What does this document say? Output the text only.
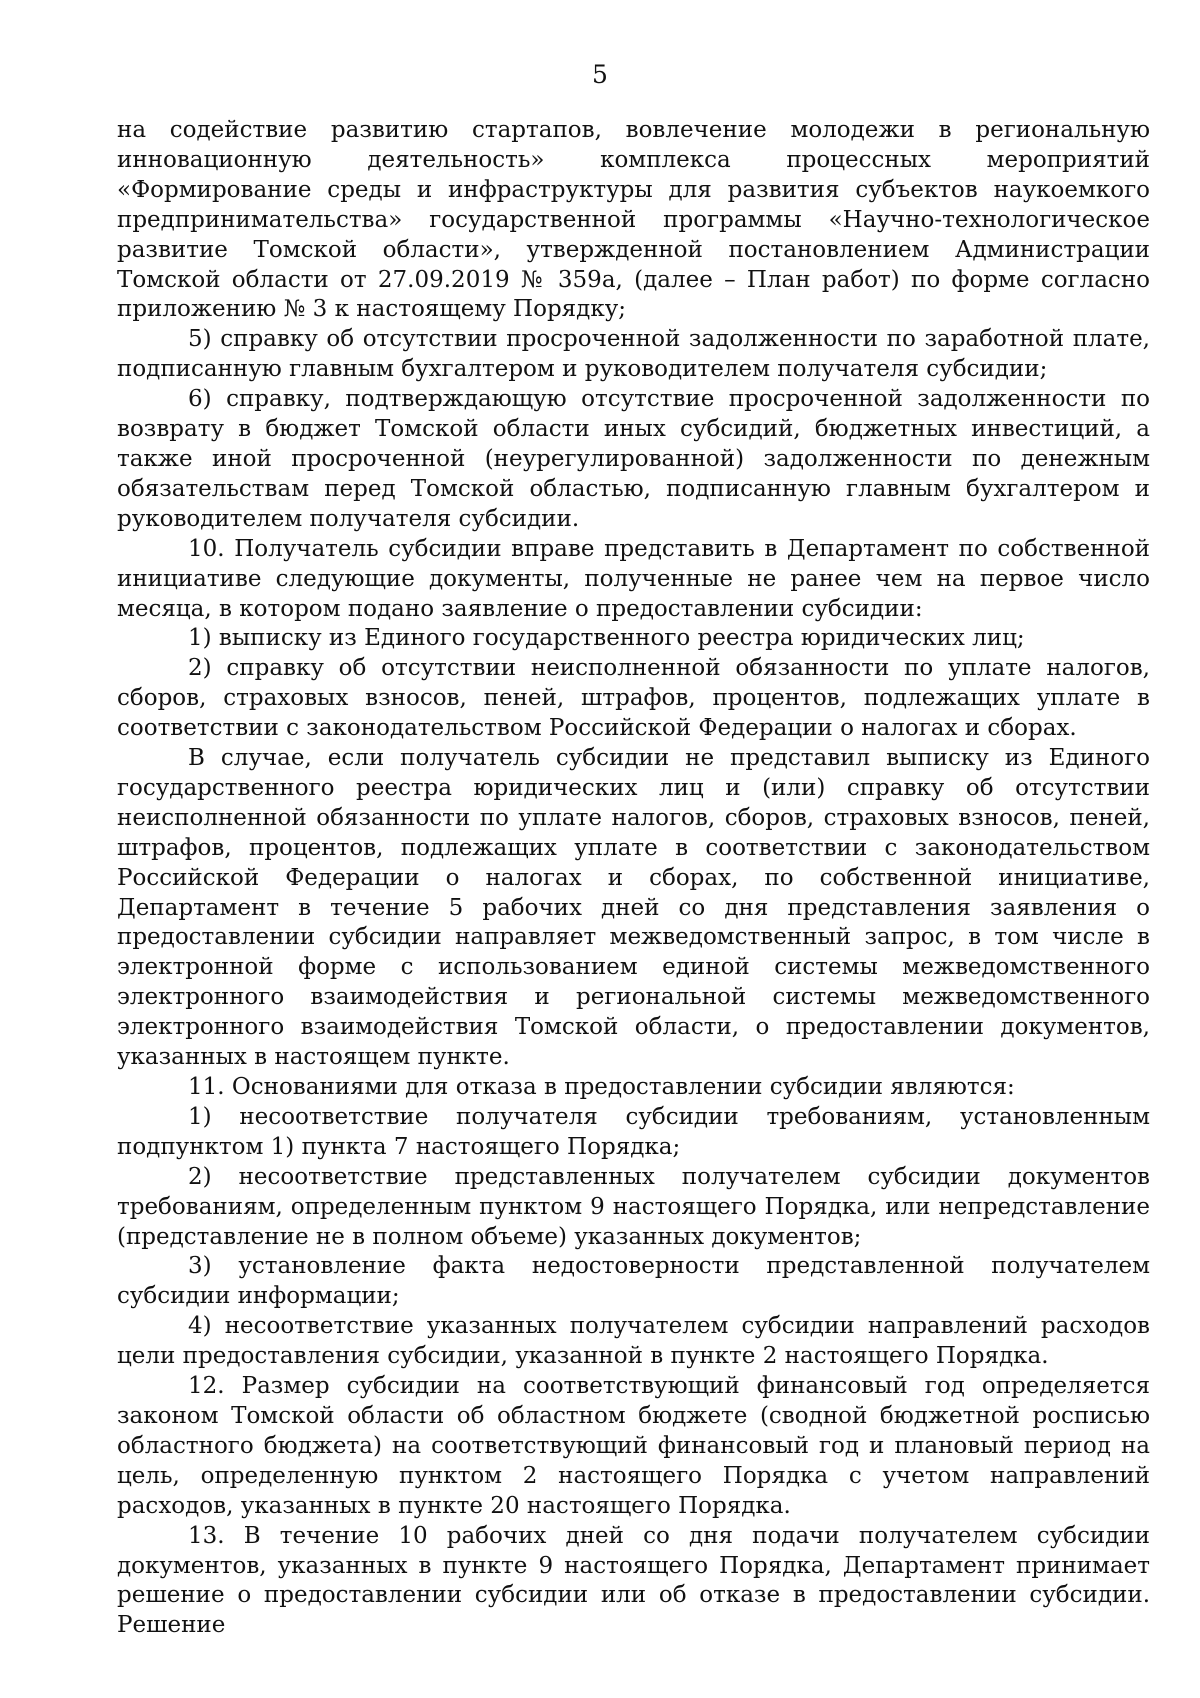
5

на содействие развитию стартапов, вовлечение молодежи в региональную инновационную деятельность» комплекса процессных мероприятий «Формирование среды и инфраструктуры для развития субъектов наукоемкого предпринимательства» государственной программы «Научно-технологическое развитие Томской области», утвержденной постановлением Администрации Томской области от 27.09.2019 № 359а, (далее – План работ) по форме согласно приложению № 3 к настоящему Порядку;

5) справку об отсутствии просроченной задолженности по заработной плате, подписанную главным бухгалтером и руководителем получателя субсидии;

6) справку, подтверждающую отсутствие просроченной задолженности по возврату в бюджет Томской области иных субсидий, бюджетных инвестиций, а также иной просроченной (неурегулированной) задолженности по денежным обязательствам перед Томской областью, подписанную главным бухгалтером и руководителем получателя субсидии.

10. Получатель субсидии вправе представить в Департамент по собственной инициативе следующие документы, полученные не ранее чем на первое число месяца, в котором подано заявление о предоставлении субсидии:

1) выписку из Единого государственного реестра юридических лиц;

2) справку об отсутствии неисполненной обязанности по уплате налогов, сборов, страховых взносов, пеней, штрафов, процентов, подлежащих уплате в соответствии с законодательством Российской Федерации о налогах и сборах.

В случае, если получатель субсидии не представил выписку из Единого государственного реестра юридических лиц и (или) справку об отсутствии неисполненной обязанности по уплате налогов, сборов, страховых взносов, пеней, штрафов, процентов, подлежащих уплате в соответствии с законодательством Российской Федерации о налогах и сборах, по собственной инициативе, Департамент в течение 5 рабочих дней со дня представления заявления о предоставлении субсидии направляет межведомственный запрос, в том числе в электронной форме с использованием единой системы межведомственного электронного взаимодействия и региональной системы межведомственного электронного взаимодействия Томской области, о предоставлении документов, указанных в настоящем пункте.

11. Основаниями для отказа в предоставлении субсидии являются:

1) несоответствие получателя субсидии требованиям, установленным подпунктом 1) пункта 7 настоящего Порядка;

2) несоответствие представленных получателем субсидии документов требованиям, определенным пунктом 9 настоящего Порядка, или непредставление (представление не в полном объеме) указанных документов;

3) установление факта недостоверности представленной получателем субсидии информации;

4) несоответствие указанных получателем субсидии направлений расходов цели предоставления субсидии, указанной в пункте 2 настоящего Порядка.

12. Размер субсидии на соответствующий финансовый год определяется законом Томской области об областном бюджете (сводной бюджетной росписью областного бюджета) на соответствующий финансовый год и плановый период на цель, определенную пунктом 2 настоящего Порядка с учетом направлений расходов, указанных в пункте 20 настоящего Порядка.

13. В течение 10 рабочих дней со дня подачи получателем субсидии документов, указанных в пункте 9 настоящего Порядка, Департамент принимает решение о предоставлении субсидии или об отказе в предоставлении субсидии. Решение
